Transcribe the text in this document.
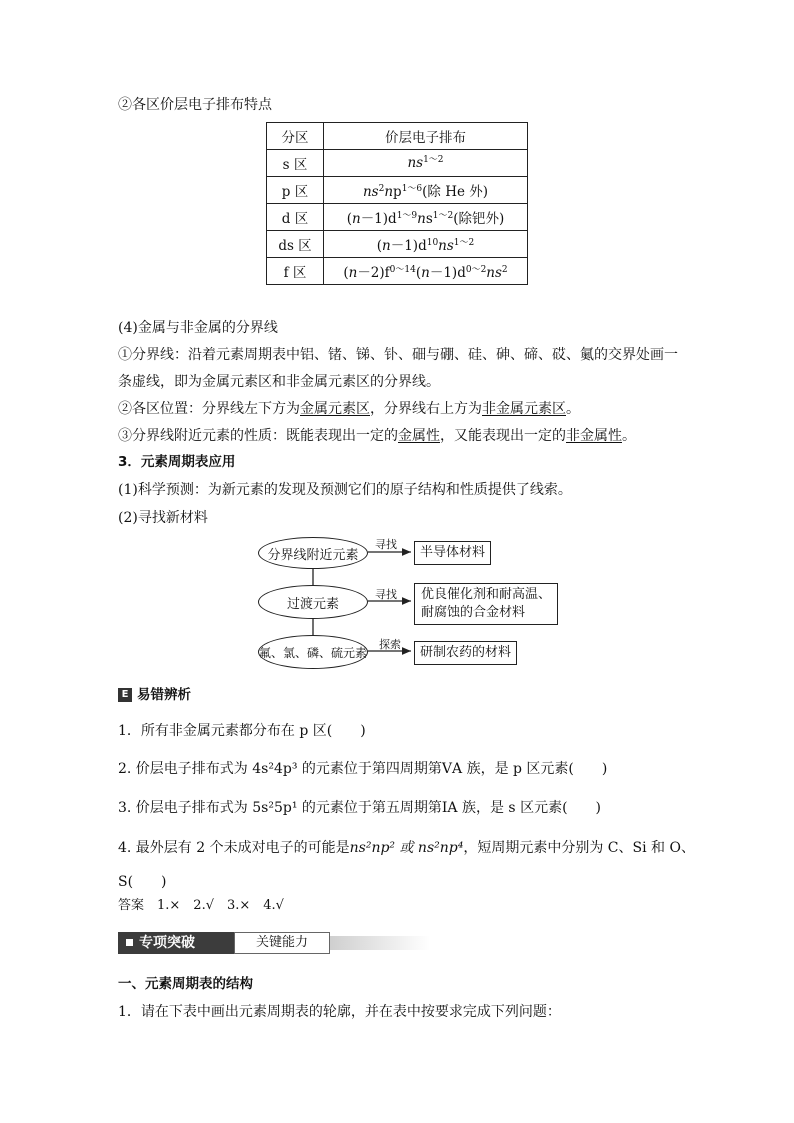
②各区价层电子排布特点
分区	价层电子排布
s 区	$ns^{1\sim 2}$
p 区	$ns^2np^{1\sim 6}$(除 He 外)
d 区	$(n-1)d^{1\sim 9}ns^{1\sim 2}$(除钯外)
ds 区	$(n-1)d^{10}ns^{1\sim 2}$
f 区	$(n-2)f^{0\sim 14}(n-1)d^{0\sim 2}ns^2$
(4)金属与非金属的分界线
①分界线：沿着元素周期表中铝、锗、锑、钋、鿬与硼、硅、砷、碲、砹、鿫的交界处画一
条虚线，即为金属元素区和非金属元素区的分界线。
②各区位置：分界线左下方为金属元素区，分界线右上方为非金属元素区。
③分界线附近元素的性质：既能表现出一定的金属性，又能表现出一定的非金属性。
3．元素周期表应用
(1)科学预测：为新元素的发现及预测它们的原子结构和性质提供了线索。
(2)寻找新材料
分界线附近元素
过渡元素
氟、氯、磷、硫元素
寻找
寻找
探索
半导体材料
优良催化剂和耐高温、
耐腐蚀的合金材料
研制农药的材料
E 易错辨析
1．所有非金属元素都分布在 p 区(　　)
2. 价层电子排布式为 4s²4p³ 的元素位于第四周期第ⅤA 族，是 p 区元素(　　)
3. 价层电子排布式为 5s²5p¹ 的元素位于第五周期第ⅠA 族，是 s 区元素(　　)
4. 最外层有 2 个未成对电子的可能是ns²np² 或 ns²np⁴，短周期元素中分别为 C、Si 和 O、
S(　　)
答案　1.×　2.√　3.×　4.√
专项突破	关键能力
一、元素周期表的结构
1．请在下表中画出元素周期表的轮廓，并在表中按要求完成下列问题：
